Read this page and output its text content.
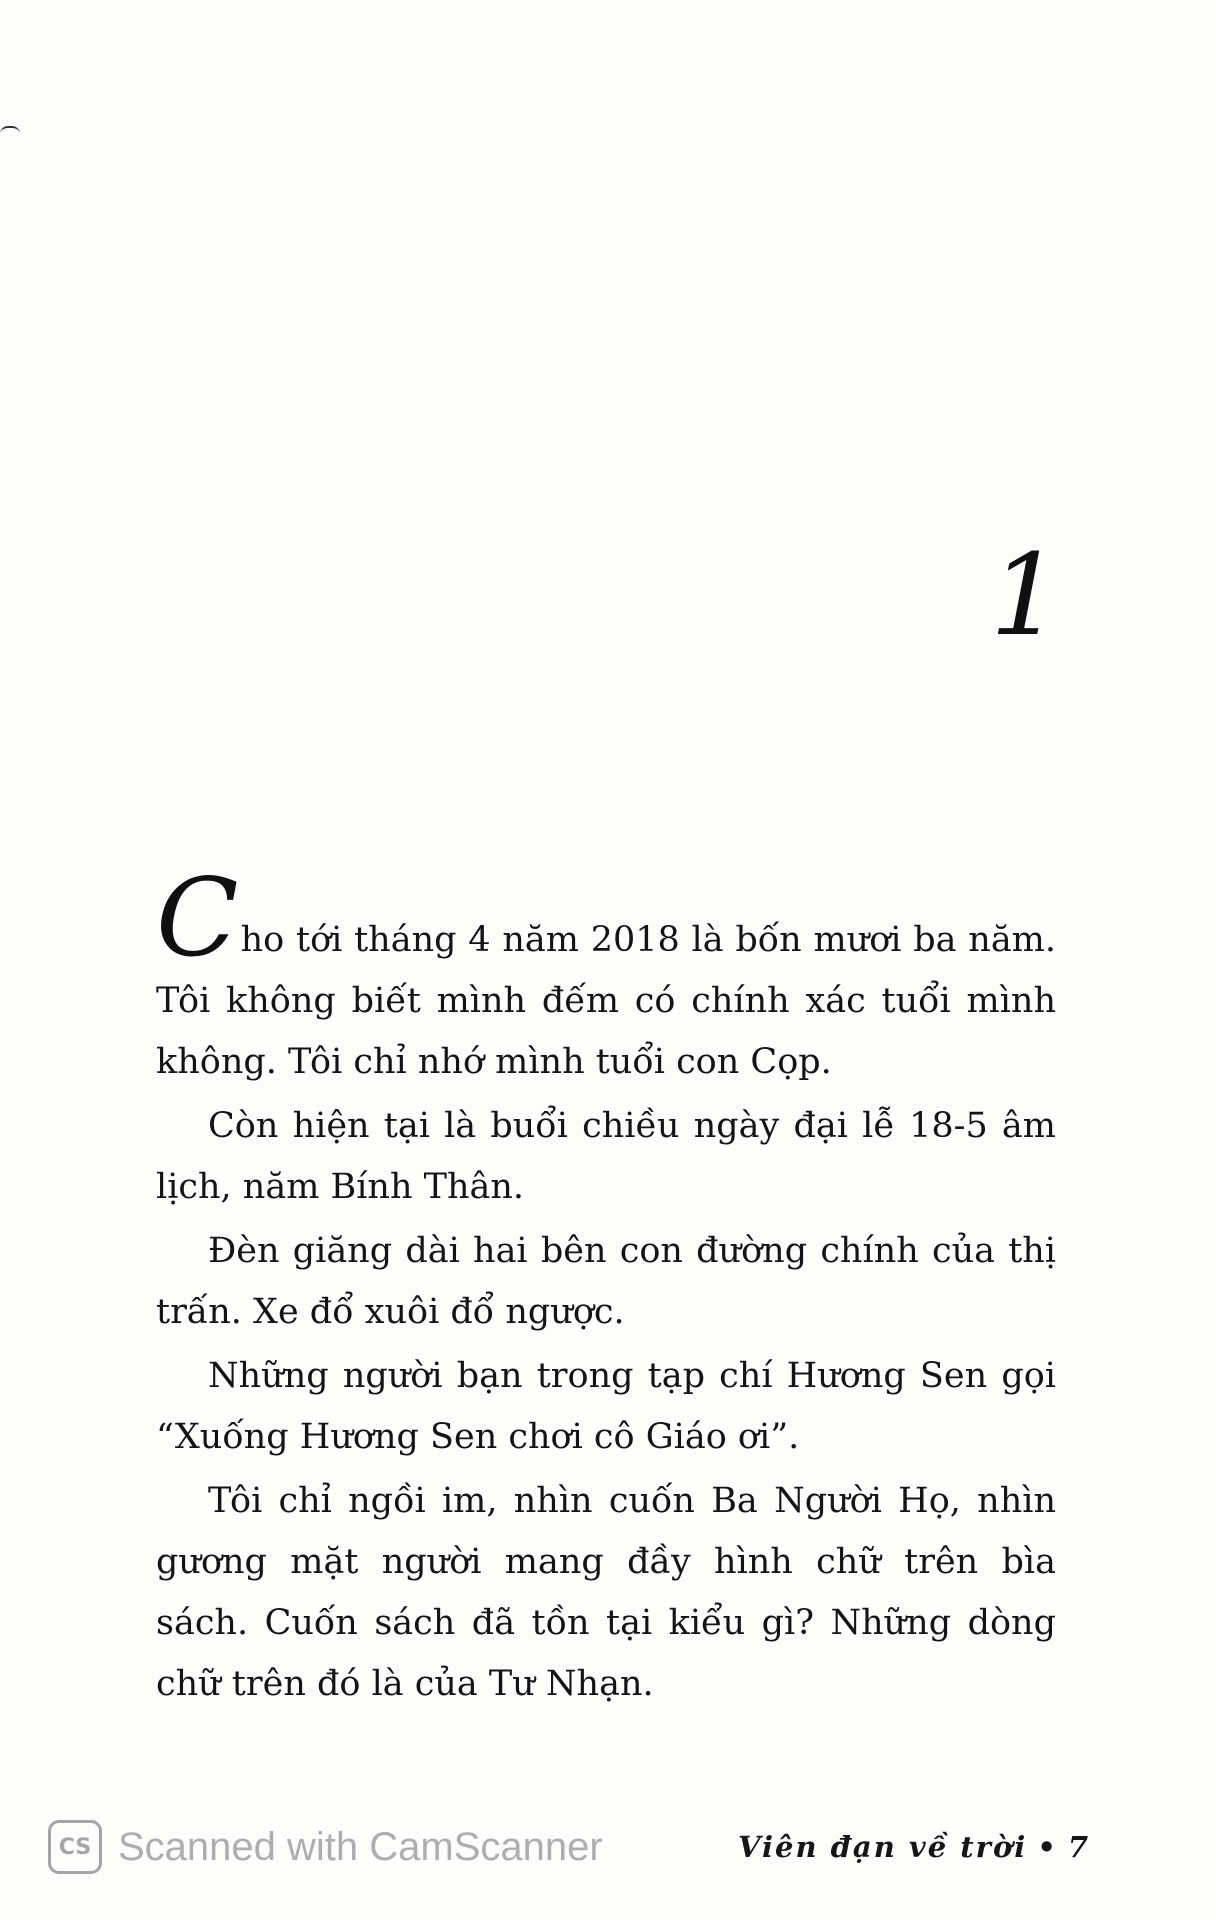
1

Cho tới tháng 4 năm 2018 là bốn mươi ba năm. Tôi không biết mình đếm có chính xác tuổi mình không. Tôi chỉ nhớ mình tuổi con Cọp.

Còn hiện tại là buổi chiều ngày đại lễ 18-5 âm lịch, năm Bính Thân.

Đèn giăng dài hai bên con đường chính của thị trấn. Xe đổ xuôi đổ ngược.

Những người bạn trong tạp chí Hương Sen gọi “Xuống Hương Sen chơi cô Giáo ơi”.

Tôi chỉ ngồi im, nhìn cuốn Ba Người Họ, nhìn gương mặt người mang đầy hình chữ trên bìa sách. Cuốn sách đã tồn tại kiểu gì? Những dòng chữ trên đó là của Tư Nhạn.

Viên đạn về trời • 7
CS Scanned with CamScanner
